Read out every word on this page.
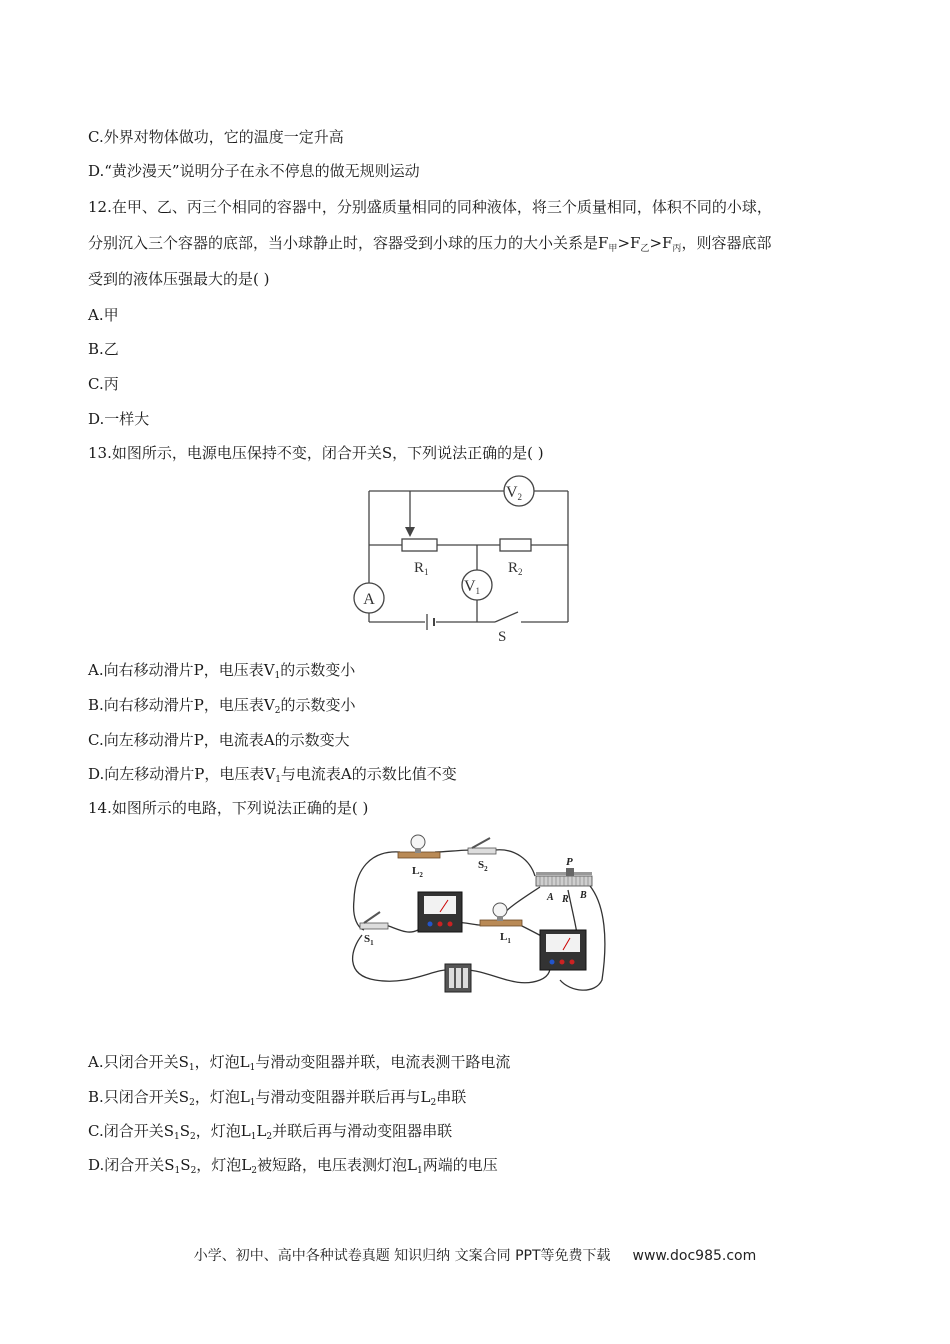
C.外界对物体做功，它的温度一定升高
D.“黄沙漫天”说明分子在永不停息的做无规则运动
12.在甲、乙、丙三个相同的容器中，分别盛质量相同的同种液体，将三个质量相同，体积不同的小球，
分别沉入三个容器的底部，当小球静止时，容器受到小球的压力的大小关系是$F_甲>F_乙>F_丙$，则容器底部
受到的液体压强最大的是( )
A.甲
B.乙
C.丙
D.一样大
13.如图所示，电源电压保持不变，闭合开关S，下列说法正确的是( )
V2
V1
A
$R_1$	$R_2$
S
A.向右移动滑片P，电压表$V_1$的示数变小
B.向右移动滑片P，电压表$V_2$的示数变小
C.向左移动滑片P，电流表A的示数变大
D.向左移动滑片P，电压表$V_1$与电流表A的示数比值不变
14.如图所示的电路，下列说法正确的是( )
$L_2$
$S_2$
P
A R B
$S_1$	$L_1$
A.只闭合开关$S_1$，灯泡$L_1$与滑动变阻器并联，电流表测干路电流
B.只闭合开关$S_2$，灯泡$L_1$与滑动变阻器并联后再与$L_2$串联
C.闭合开关$S_1S_2$，灯泡$L_1L_2$并联后再与滑动变阻器串联
D.闭合开关$S_1S_2$，灯泡$L_2$被短路，电压表测灯泡$L_1$两端的电压
小学、初中、高中各种试卷真题 知识归纳 文案合同 PPT等免费下载 www.doc985.com
